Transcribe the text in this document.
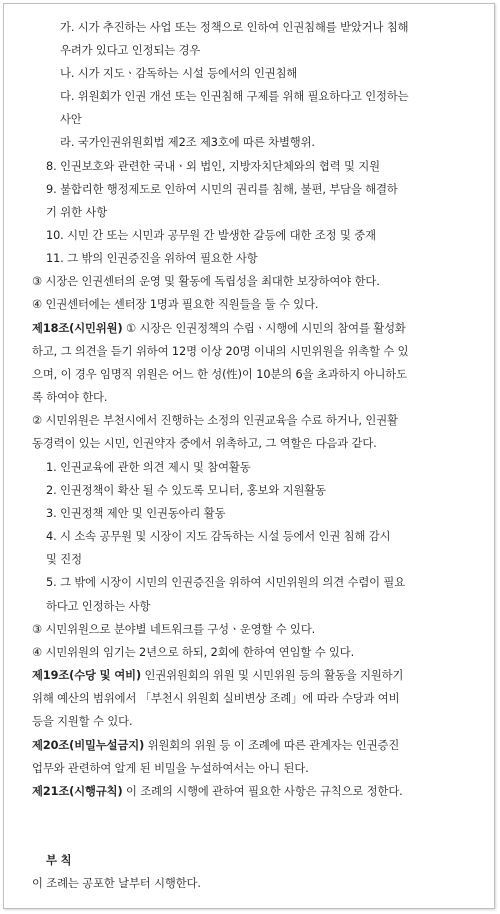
가. 시가 추진하는 사업 또는 정책으로 인하여 인권침해를 받았거나 침해
우려가 있다고 인정되는 경우
나. 시가 지도ㆍ감독하는 시설 등에서의 인권침해
다. 위원회가 인권 개선 또는 인권침해 구제를 위해 필요하다고 인정하는
사안
라. 국가인권위원회법 제2조 제3호에 따른 차별행위.
8. 인권보호와 관련한 국내ㆍ외 법인, 지방자치단체와의 협력 및 지원
9. 불합리한 행정제도로 인하여 시민의 권리를 침해, 불편, 부담을 해결하
기 위한 사항
10. 시민 간 또는 시민과 공무원 간 발생한 갈등에 대한 조정 및 중재
11. 그 밖의 인권증진을 위하여 필요한 사항
③ 시장은 인권센터의 운영 및 활동에 독립성을 최대한 보장하여야 한다.
④ 인권센터에는 센터장 1명과 필요한 직원들을 둘 수 있다.
제18조(시민위원) ① 시장은 인권정책의 수립ㆍ시행에 시민의 참여를 활성화
하고, 그 의견을 듣기 위하여 12명 이상 20명 이내의 시민위원을 위촉할 수 있
으며, 이 경우 임명직 위원은 어느 한 성(性)이 10분의 6을 초과하지 아니하도
록 하여야 한다.
② 시민위원은 부천시에서 진행하는 소정의 인권교육을 수료 하거나, 인권활
동경력이 있는 시민, 인권약자 중에서 위촉하고, 그 역할은 다음과 같다.
1. 인권교육에 관한 의견 제시 및 참여활동
2. 인권정책이 확산 될 수 있도록 모니터, 홍보와 지원활동
3. 인권정책 제안 및 인권동아리 활동
4. 시 소속 공무원 및 시장이 지도 감독하는 시설 등에서 인권 침해 감시
및 진정
5. 그 밖에 시장이 시민의 인권증진을 위하여 시민위원의 의견 수렴이 필요
하다고 인정하는 사항
③ 시민위원으로 분야별 네트워크를 구성ㆍ운영할 수 있다.
④ 시민위원의 임기는 2년으로 하되, 2회에 한하여 연임할 수 있다.
제19조(수당 및 여비) 인권위원회의 위원 및 시민위원 등의 활동을 지원하기
위해 예산의 범위에서 「부천시 위원회 실비변상 조례」에 따라 수당과 여비
등을 지원할 수 있다.
제20조(비밀누설금지) 위원회의 위원 등 이 조례에 따른 관계자는 인권증진
업무와 관련하여 알게 된 비밀을 누설하여서는 아니 된다.
제21조(시행규칙) 이 조례의 시행에 관하여 필요한 사항은 규칙으로 정한다.
부 칙
이 조례는 공포한 날부터 시행한다.
